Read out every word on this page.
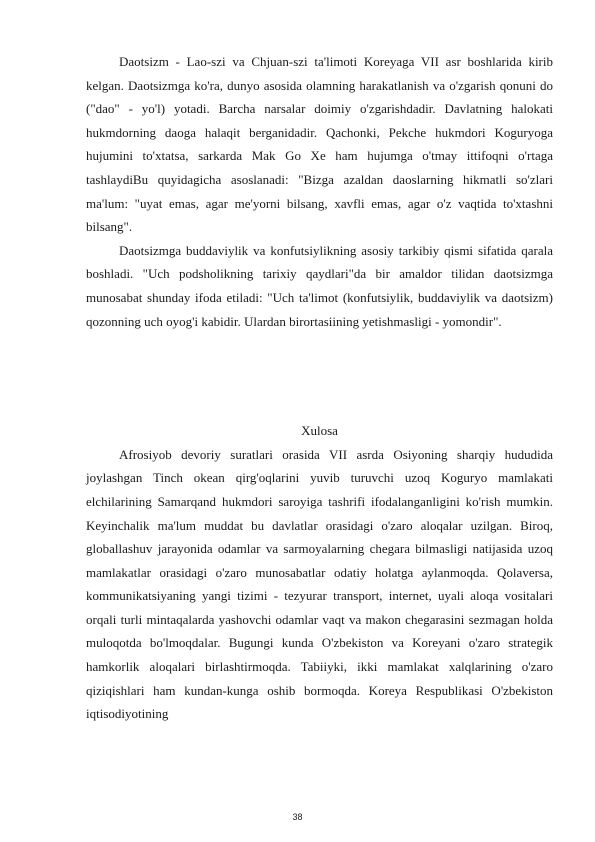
Daotsizm - Lao-szi va Chjuan-szi ta'limoti Koreyaga VII asr boshlarida kirib kelgan. Daotsizmga ko'ra, dunyo asosida olamning harakatlanish va o'zgarish qonuni do ("dao" - yo'l) yotadi. Barcha narsalar doimiy o'zgarishdadir. Davlatning halokati hukmdorning daoga halaqit berganidadir. Qachonki, Pekche hukmdori Koguryoga hujumini to'xtatsa, sarkarda Mak Go Xe ham hujumga o'tmay ittifoqni o'rtaga tashlaydiBu quyidagicha asoslanadi: "Bizga azaldan daoslarning hikmatli so'zlari ma'lum: "uyat emas, agar me'yorni bilsang, xavfli emas, agar o'z vaqtida to'xtashni bilsang".

Daotsizmga buddaviylik va konfutsiylikning asosiy tarkibiy qismi sifatida qarala boshladi. "Uch podsholikning tarixiy qaydlari"da bir amaldor tilidan daotsizmga munosabat shunday ifoda etiladi: "Uch ta'limot (konfutsiylik, buddaviylik va daotsizm) qozonning uch oyog'i kabidir. Ulardan birortasiining yetishmasligi - yomondir".

Xulosa

Afrosiyob devoriy suratlari orasida VII asrda Osiyoning sharqiy hududida joylashgan Tinch okean qirg'oqlarini yuvib turuvchi uzoq Koguryo mamlakati elchilarining Samarqand hukmdori saroyiga tashrifi ifodalanganligini ko'rish mumkin. Keyinchalik ma'lum muddat bu davlatlar orasidagi o'zaro aloqalar uzilgan. Biroq, globallashuv jarayonida odamlar va sarmoyalarning chegara bilmasligi natijasida uzoq mamlakatlar orasidagi o'zaro munosabatlar odatiy holatga aylanmoqda. Qolaversa, kommunikatsiyaning yangi tizimi - tezyurar transport, internet, uyali aloqa vositalari orqali turli mintaqalarda yashovchi odamlar vaqt va makon chegarasini sezmagan holda muloqotda bo'lmoqdalar. Bugungi kunda O'zbekiston va Koreyani o'zaro strategik hamkorlik aloqalari birlashtirmoqda. Tabiiyki, ikki mamlakat xalqlarining o'zaro qiziqishlari ham kundan-kunga oshib bormoqda. Koreya Respublikasi O'zbekiston iqtisodiyotining

38
